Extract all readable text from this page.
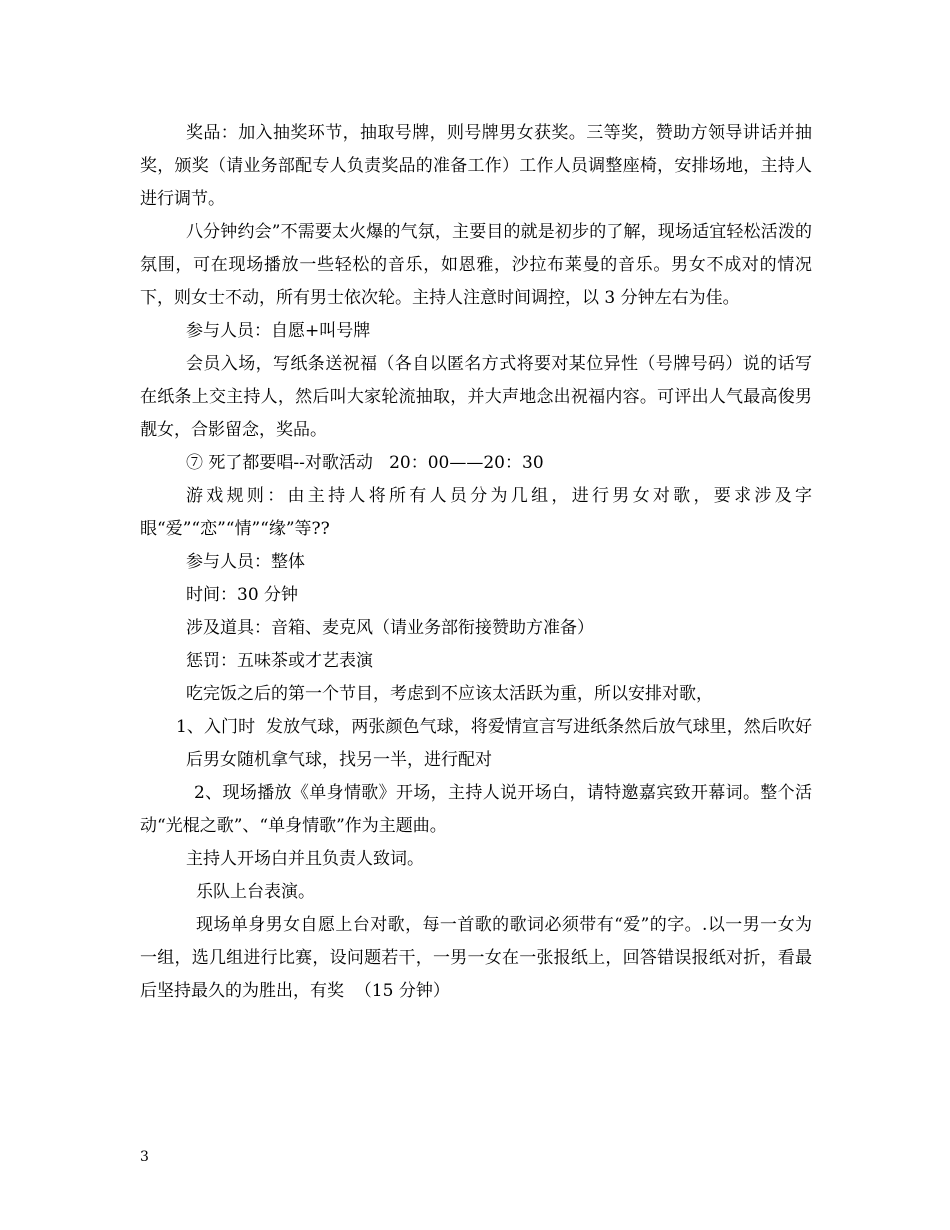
奖品：加入抽奖环节，抽取号牌，则号牌男女获奖。三等奖，赞助方领导讲话并抽奖，颁奖（请业务部配专人负责奖品的准备工作）工作人员调整座椅，安排场地，主持人进行调节。

八分钟约会”不需要太火爆的气氛，主要目的就是初步的了解，现场适宜轻松活泼的氛围，可在现场播放一些轻松的音乐，如恩雅，沙拉布莱曼的音乐。男女不成对的情况下，则女士不动，所有男士依次轮。主持人注意时间调控，以 3 分钟左右为佳。

参与人员：自愿+叫号牌

会员入场，写纸条送祝福（各自以匿名方式将要对某位异性（号牌号码）说的话写在纸条上交主持人，然后叫大家轮流抽取，并大声地念出祝福内容。可评出人气最高俊男靓女，合影留念，奖品。

⑦ 死了都要唱--对歌活动   20：00——20：30

游戏规则：由主持人将所有人员分为几组，进行男女对歌，要求涉及字眼“爱”“恋”“情”“缘”等??

参与人员：整体

时间：30 分钟

涉及道具：音箱、麦克风（请业务部衔接赞助方准备）

惩罚：五味茶或才艺表演

吃完饭之后的第一个节目，考虑到不应该太活跃为重，所以安排对歌，

1、入门时  发放气球，两张颜色气球，将爱情宣言写进纸条然后放气球里，然后吹好后男女随机拿气球，找另一半，进行配对

2、现场播放《单身情歌》开场，主持人说开场白，请特邀嘉宾致开幕词。整个活动“光棍之歌”、“单身情歌”作为主题曲。

主持人开场白并且负责人致词。

乐队上台表演。

现场单身男女自愿上台对歌，每一首歌的歌词必须带有“爱”的字。.以一男一女为一组，选几组进行比赛，设问题若干，一男一女在一张报纸上，回答错误报纸对折，看最后坚持最久的为胜出，有奖  （15 分钟）

3
